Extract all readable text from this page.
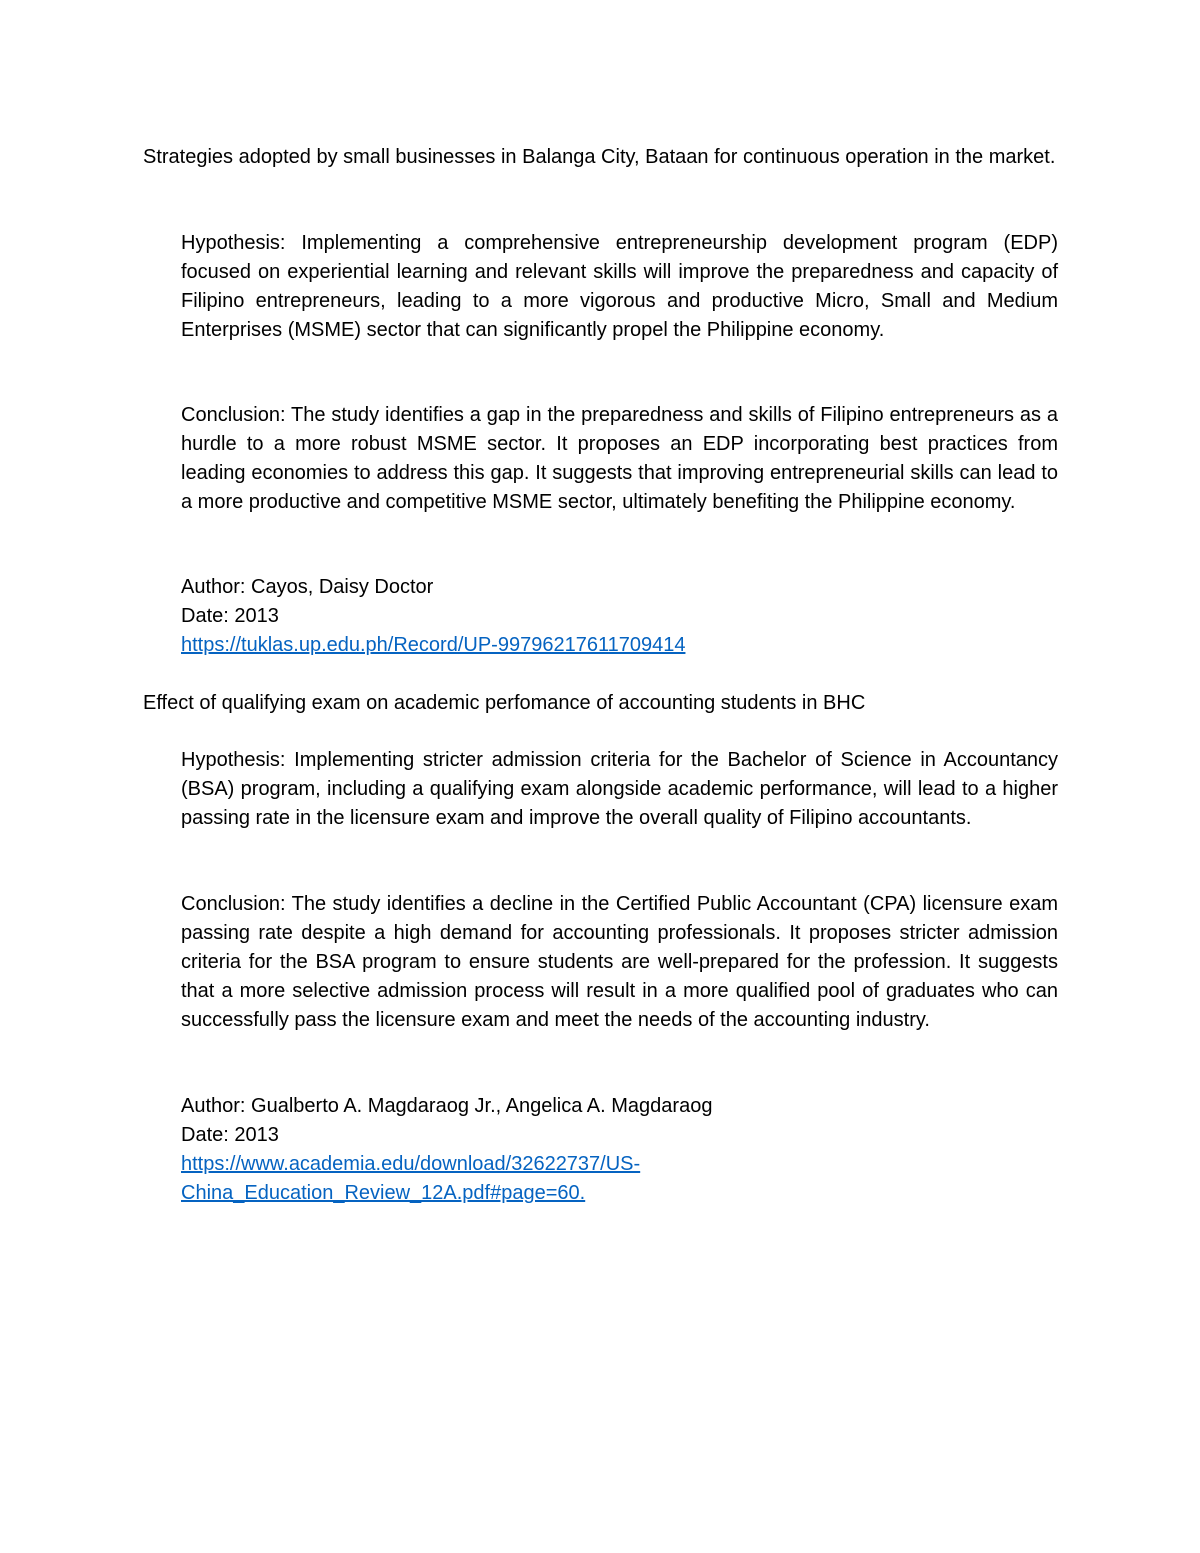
Strategies adopted by small businesses in Balanga City, Bataan for continuous operation in the market.

Hypothesis: Implementing a comprehensive entrepreneurship development program (EDP) focused on experiential learning and relevant skills will improve the preparedness and capacity of Filipino entrepreneurs, leading to a more vigorous and productive Micro, Small and Medium Enterprises (MSME) sector that can significantly propel the Philippine economy.

Conclusion: The study identifies a gap in the preparedness and skills of Filipino entrepreneurs as a hurdle to a more robust MSME sector. It proposes an EDP incorporating best practices from leading economies to address this gap. It suggests that improving entrepreneurial skills can lead to a more productive and competitive MSME sector, ultimately benefiting the Philippine economy.

Author: Cayos, Daisy Doctor
Date: 2013
https://tuklas.up.edu.ph/Record/UP-99796217611709414

Effect of qualifying exam on academic perfomance of accounting students in BHC

Hypothesis: Implementing stricter admission criteria for the Bachelor of Science in Accountancy (BSA) program, including a qualifying exam alongside academic performance, will lead to a higher passing rate in the licensure exam and improve the overall quality of Filipino accountants.

Conclusion: The study identifies a decline in the Certified Public Accountant (CPA) licensure exam passing rate despite a high demand for accounting professionals. It proposes stricter admission criteria for the BSA program to ensure students are well-prepared for the profession. It suggests that a more selective admission process will result in a more qualified pool of graduates who can successfully pass the licensure exam and meet the needs of the accounting industry.

Author: Gualberto A. Magdaraog Jr., Angelica A. Magdaraog
Date: 2013
https://www.academia.edu/download/32622737/US-
China_Education_Review_12A.pdf#page=60.
